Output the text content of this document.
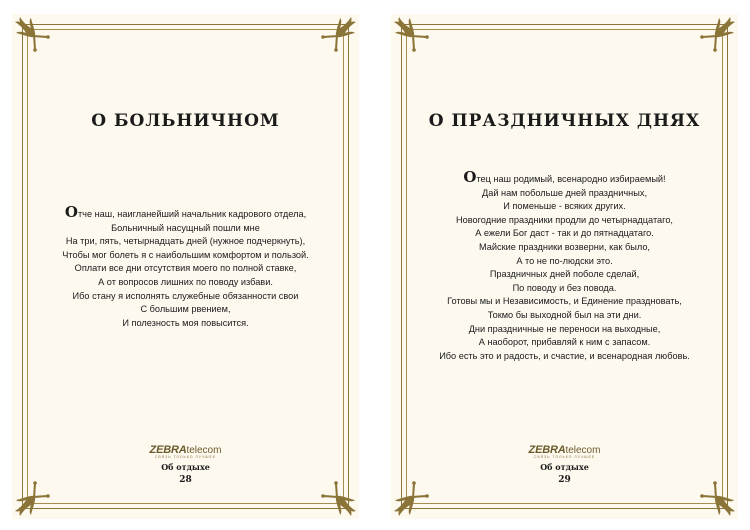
О БОЛЬНИЧНОМ
Отче наш, наигланейший начальник кадрового отдела,
Больничный насущный пошли мне
На три, пять, четырнадцать дней (нужное подчеркнуть),
Чтобы мог болеть я с наибольшим комфортом и пользой.
Оплати все дни отсутствия моего по полной ставке,
А от вопросов лишних по поводу избави.
Ибо стану я исполнять служебные обязанности свои
С большим рвением,
И полезность моя повысится.
ZEBRAtelecom
СВЯЗЬ ТОЛЬКО ЛУЧШЕЕ
Об отдыхе
28
О ПРАЗДНИЧНЫХ ДНЯХ
Отец наш родимый, всенародно избираемый!
Дай нам побольше дней праздничных,
И поменьше - всяких других.
Новогодние праздники продли до четырнадцатаго,
А ежели Бог даст - так и до пятнадцатаго.
Майские праздники возверни, как было,
А то не по-людски это.
Праздничных дней поболе сделай,
По поводу и без повода.
Готовы мы и Независимость, и Единение праздновать,
Токмо бы выходной был на эти дни.
Дни праздничные не переноси на выходные,
А наоборот, прибавляй к ним с запасом.
Ибо есть это и радость, и счастие, и всенародная любовь.
ZEBRAtelecom
СВЯЗЬ ТОЛЬКО ЛУЧШЕЕ
Об отдыхе
29
